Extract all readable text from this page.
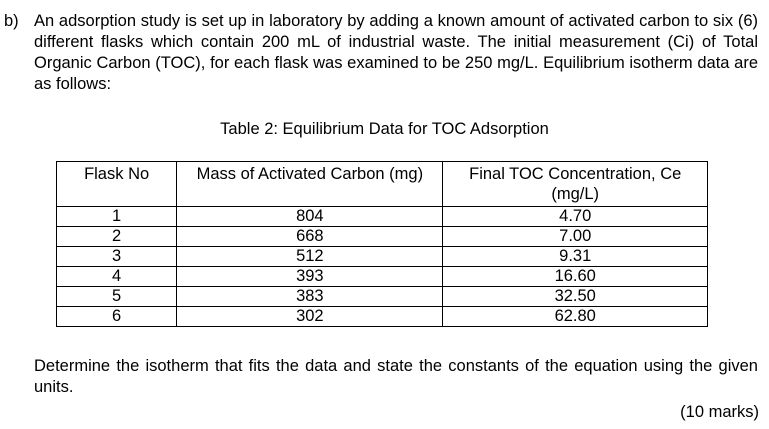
b) An adsorption study is set up in laboratory by adding a known amount of activated carbon to six (6) different flasks which contain 200 mL of industrial waste. The initial measurement (Ci) of Total Organic Carbon (TOC), for each flask was examined to be 250 mg/L. Equilibrium isotherm data are as follows:
Table 2: Equilibrium Data for TOC Adsorption
Flask No	Mass of Activated Carbon (mg)	Final TOC Concentration, Ce (mg/L)
1	804	4.70
2	668	7.00
3	512	9.31
4	393	16.60
5	383	32.50
6	302	62.80
Determine the isotherm that fits the data and state the constants of the equation using the given units.
(10 marks)
